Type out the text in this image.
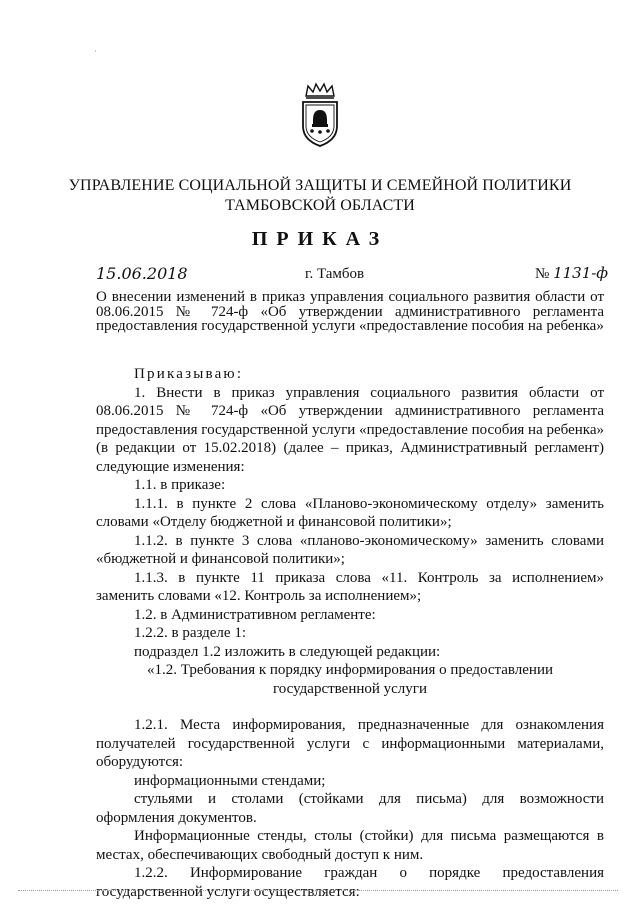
·
УПРАВЛЕНИЕ СОЦИАЛЬНОЙ ЗАЩИТЫ И СЕМЕЙНОЙ ПОЛИТИКИ
ТАМБОВСКОЙ ОБЛАСТИ
ПРИКАЗ
15.06.2018	г. Тамбов	№ 1131-ф
О внесении изменений в приказ управления социального развития области от 08.06.2015 № 724-ф «Об утверждении административного регламента предоставления государственной услуги «предоставление пособия на ребенка»

Приказываю:

1. Внести в приказ управления социального развития области от 08.06.2015 № 724-ф «Об утверждении административного регламента предоставления государственной услуги «предоставление пособия на ребенка» (в редакции от 15.02.2018) (далее – приказ, Административный регламент) следующие изменения:

1.1. в приказе:

1.1.1. в пункте 2 слова «Планово-экономическому отделу» заменить словами «Отделу бюджетной и финансовой политики»;

1.1.2. в пункте 3 слова «планово-экономическому» заменить словами «бюджетной и финансовой политики»;

1.1.3. в пункте 11 приказа слова «11. Контроль за исполнением» заменить словами «12. Контроль за исполнением»;

1.2. в Административном регламенте:

1.2.2. в разделе 1:

подраздел 1.2 изложить в следующей редакции:

«1.2. Требования к порядку информирования о предоставлении

государственной услуги

1.2.1. Места информирования, предназначенные для ознакомления получателей государственной услуги с информационными материалами, оборудуются:

информационными стендами;

стульями и столами (стойками для письма) для возможности оформления документов.

Информационные стенды, столы (стойки) для письма размещаются в местах, обеспечивающих свободный доступ к ним.

1.2.2. Информирование граждан о порядке предоставления государственной услуги осуществляется:
